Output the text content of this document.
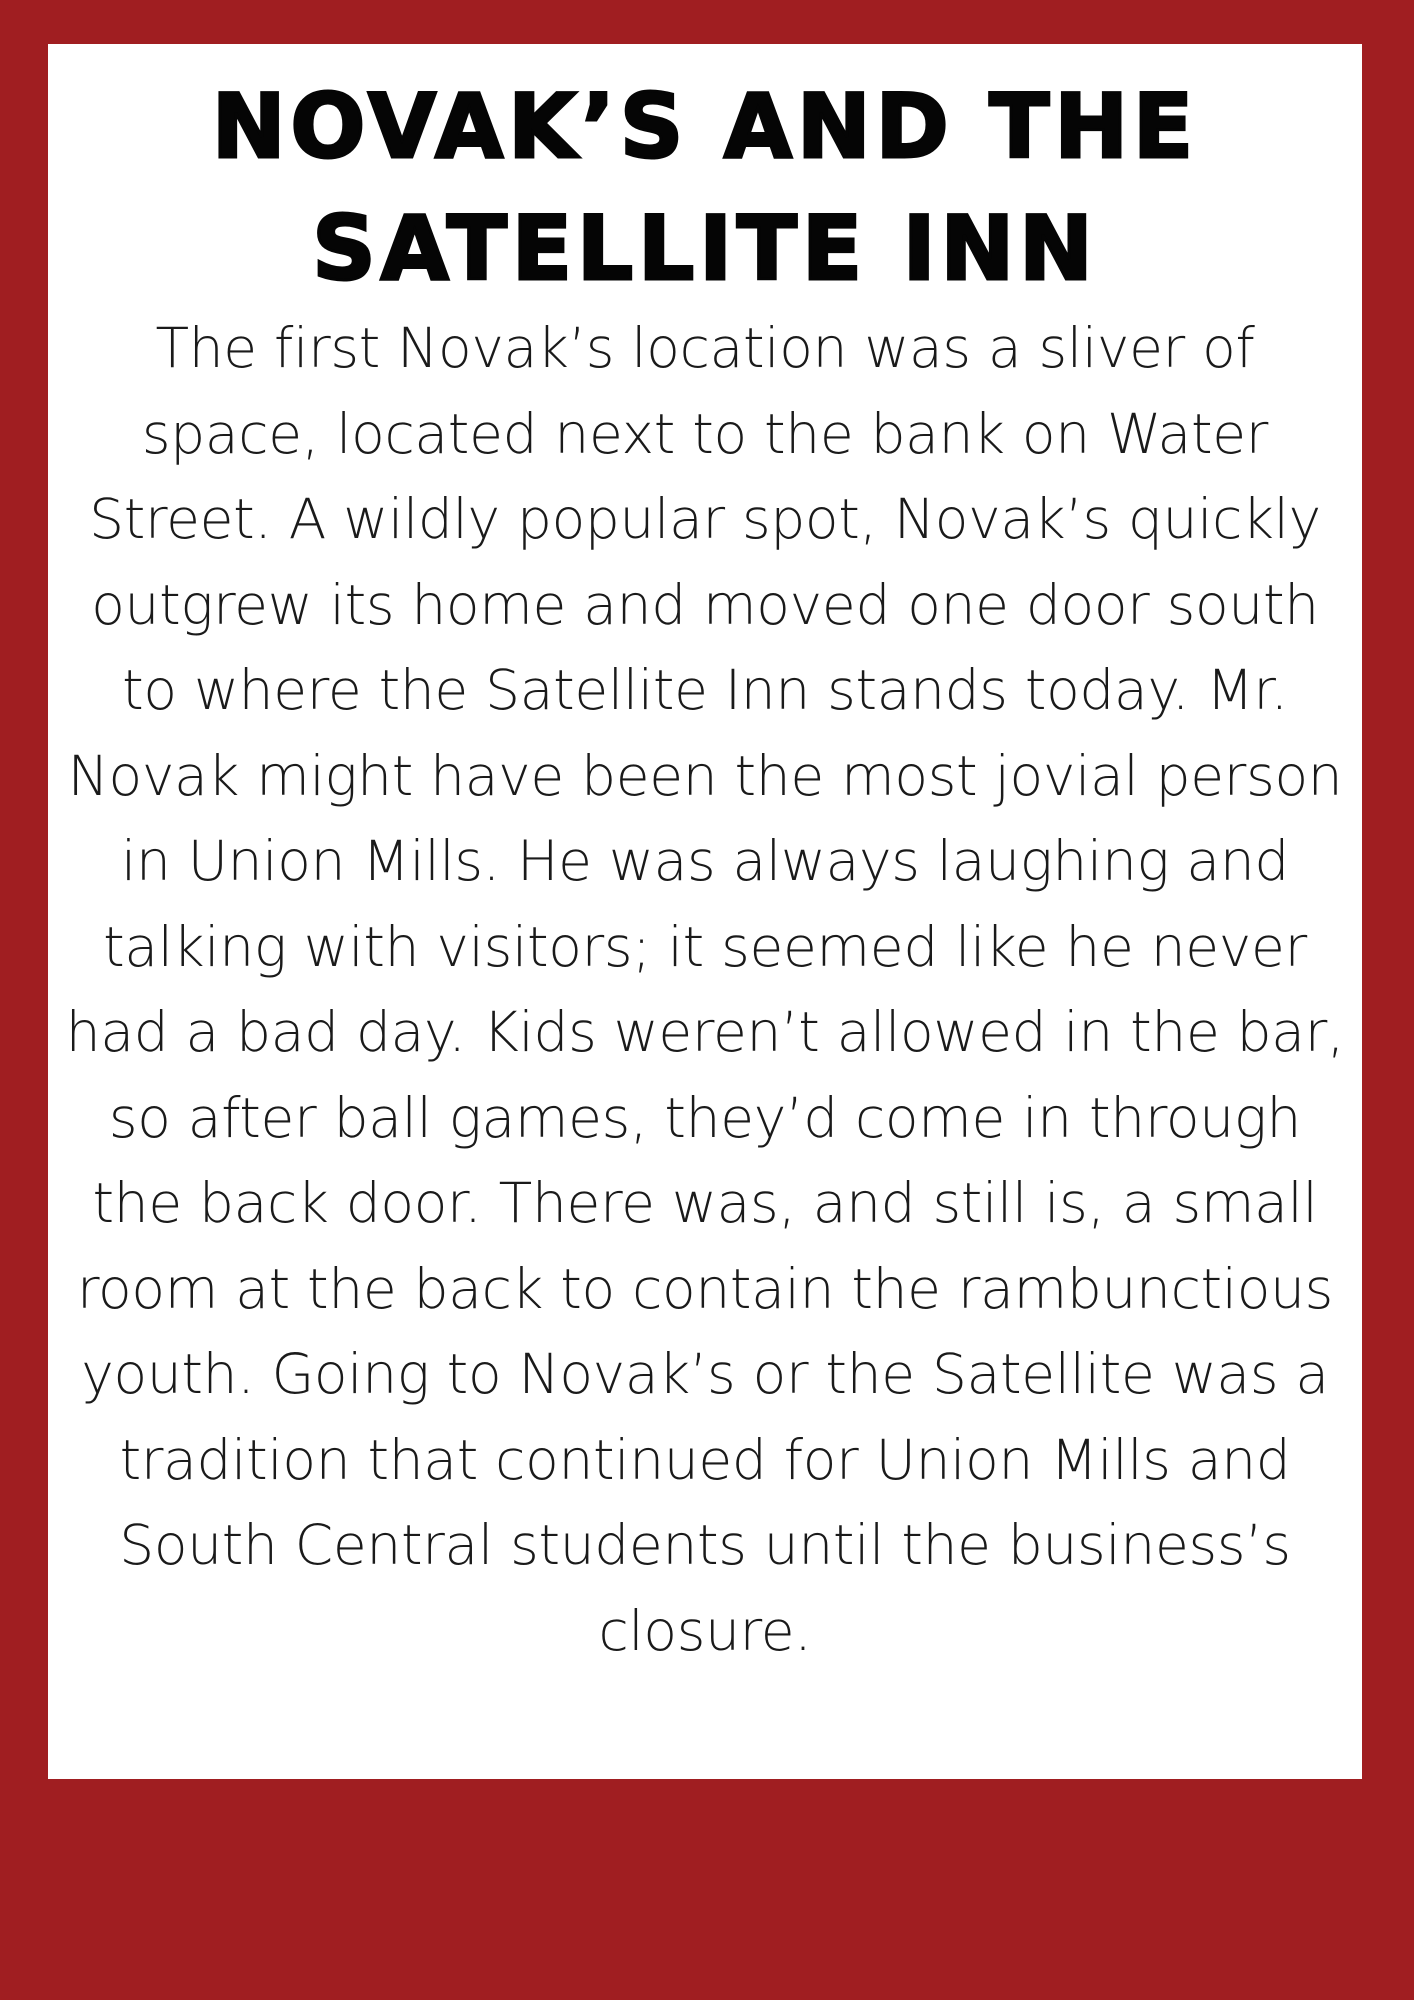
NOVAK’S AND THE SATELLITE INN

The first Novak’s location was a sliver of space, located next to the bank on Water Street. A wildly popular spot, Novak’s quickly outgrew its home and moved one door south to where the Satellite Inn stands today. Mr. Novak might have been the most jovial person in Union Mills. He was always laughing and talking with visitors; it seemed like he never had a bad day. Kids weren’t allowed in the bar, so after ball games, they’d come in through the back door. There was, and still is, a small room at the back to contain the rambunctious youth. Going to Novak’s or the Satellite was a tradition that continued for Union Mills and South Central students until the business’s closure.
